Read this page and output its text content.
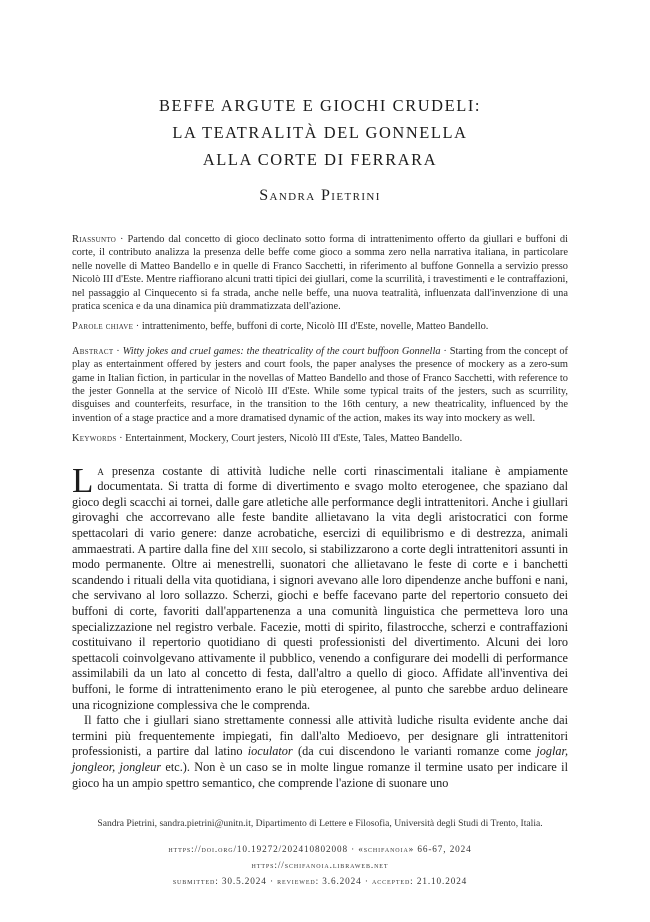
BEFFE ARGUTE E GIOCHI CRUDELI:
LA TEATRALITÀ DEL GONNELLA
ALLA CORTE DI FERRARA
Sandra Pietrini

Riassunto · Partendo dal concetto di gioco declinato sotto forma di intrattenimento offerto da giullari e buffoni di corte, il contributo analizza la presenza delle beffe come gioco a somma zero nella narrativa italiana, in particolare nelle novelle di Matteo Bandello e in quelle di Franco Sacchetti, in riferimento al buffone Gonnella a servizio presso Nicolò III d'Este. Mentre riaffiorano alcuni tratti tipici dei giullari, come la scurrilità, i travestimenti e le contraffazioni, nel passaggio al Cinquecento si fa strada, anche nelle beffe, una nuova teatralità, influenzata dall'invenzione di una pratica scenica e da una dinamica più drammatizzata dell'azione.

Parole chiave · intrattenimento, beffe, buffoni di corte, Nicolò III d'Este, novelle, Matteo Bandello.

Abstract · Witty jokes and cruel games: the theatricality of the court buffoon Gonnella · Starting from the concept of play as entertainment offered by jesters and court fools, the paper analyses the presence of mockery as a zero-sum game in Italian fiction, in particular in the novellas of Matteo Bandello and those of Franco Sacchetti, with reference to the jester Gonnella at the service of Nicolò III d'Este. While some typical traits of the jesters, such as scurrility, disguises and counterfeits, resurface, in the transition to the 16th century, a new theatricality, influenced by the invention of a stage practice and a more dramatised dynamic of the action, makes its way into mockery as well.

Keywords · Entertainment, Mockery, Court jesters, Nicolò III d'Este, Tales, Matteo Bandello.

La presenza costante di attività ludiche nelle corti rinascimentali italiane è ampiamente documentata. Si tratta di forme di divertimento e svago molto eterogenee, che spaziano dal gioco degli scacchi ai tornei, dalle gare atletiche alle performance degli intrattenitori. Anche i giullari girovaghi che accorrevano alle feste bandite allietavano la vita degli aristocratici con forme spettacolari di vario genere: danze acrobatiche, esercizi di equilibrismo e di destrezza, animali ammaestrati. A partire dalla fine del xiii secolo, si stabilizzarono a corte degli intrattenitori assunti in modo permanente. Oltre ai menestrelli, suonatori che allietavano le feste di corte e i banchetti scandendo i rituali della vita quotidiana, i signori avevano alle loro dipendenze anche buffoni e nani, che servivano al loro sollazzo. Scherzi, giochi e beffe facevano parte del repertorio consueto dei buffoni di corte, favoriti dall'appartenenza a una comunità linguistica che permetteva loro una specializzazione nel registro verbale. Facezie, motti di spirito, filastrocche, scherzi e contraffazioni costituivano il repertorio quotidiano di questi professionisti del divertimento. Alcuni dei loro spettacoli coinvolgevano attivamente il pubblico, venendo a configurare dei modelli di performance assimilabili da un lato al concetto di festa, dall'altro a quello di gioco. Affidate all'inventiva dei buffoni, le forme di intrattenimento erano le più eterogenee, al punto che sarebbe arduo delineare una ricognizione complessiva che le comprenda.

Il fatto che i giullari siano strettamente connessi alle attività ludiche risulta evidente anche dai termini più frequentemente impiegati, fin dall'alto Medioevo, per designare gli intrattenitori professionisti, a partire dal latino ioculator (da cui discendono le varianti romanze come joglar, jongleor, jongleur etc.). Non è un caso se in molte lingue romanze il termine usato per indicare il gioco ha un ampio spettro semantico, che comprende l'azione di suonare uno

Sandra Pietrini, sandra.pietrini@unitn.it, Dipartimento di Lettere e Filosofia, Università degli Studi di Trento, Italia.

https://doi.org/10.19272/202410802008 · «schifanoia» 66-67, 2024

https://schifanoia.libraweb.net

submitted: 30.5.2024 · reviewed: 3.6.2024 · accepted: 21.10.2024
